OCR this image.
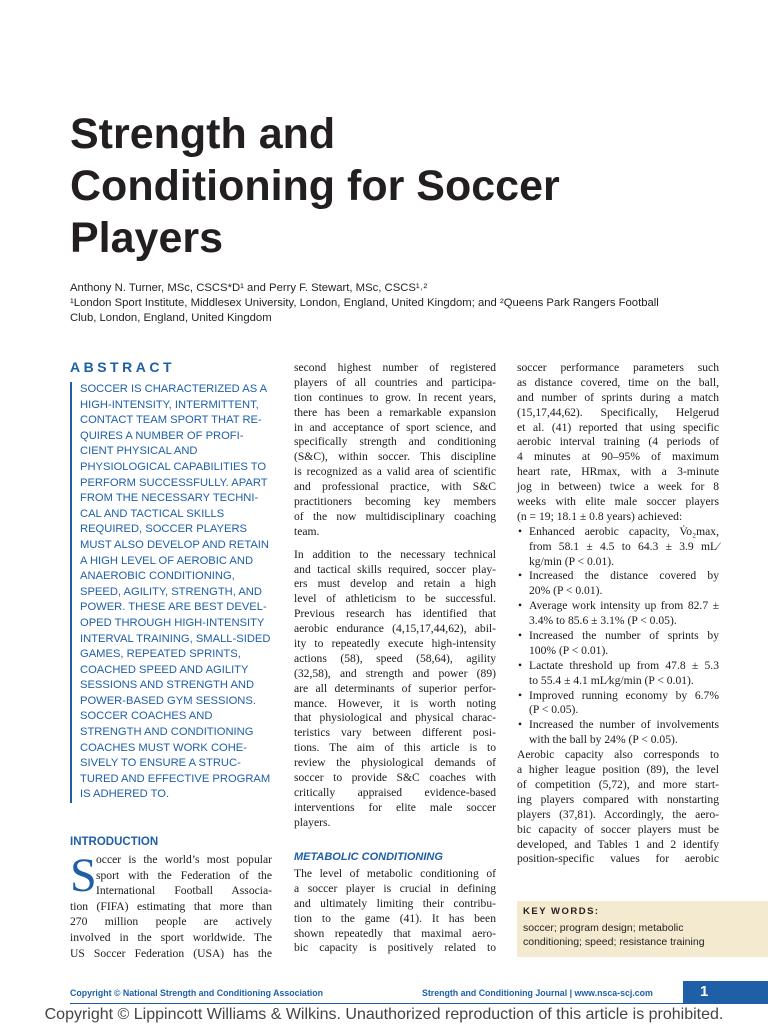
Strength and
Conditioning for Soccer
Players
Anthony N. Turner, MSc, CSCS*D¹ and Perry F. Stewart, MSc, CSCS¹˒²
¹London Sport Institute, Middlesex University, London, England, United Kingdom; and ²Queens Park Rangers Football
Club, London, England, United Kingdom
ABSTRACT
SOCCER IS CHARACTERIZED AS A
HIGH-INTENSITY, INTERMITTENT,
CONTACT TEAM SPORT THAT RE-
QUIRES A NUMBER OF PROFI-
CIENT PHYSICAL AND
PHYSIOLOGICAL CAPABILITIES TO
PERFORM SUCCESSFULLY. APART
FROM THE NECESSARY TECHNI-
CAL AND TACTICAL SKILLS
REQUIRED, SOCCER PLAYERS
MUST ALSO DEVELOP AND RETAIN
A HIGH LEVEL OF AEROBIC AND
ANAEROBIC CONDITIONING,
SPEED, AGILITY, STRENGTH, AND
POWER. THESE ARE BEST DEVEL-
OPED THROUGH HIGH-INTENSITY
INTERVAL TRAINING, SMALL-SIDED
GAMES, REPEATED SPRINTS,
COACHED SPEED AND AGILITY
SESSIONS AND STRENGTH AND
POWER-BASED GYM SESSIONS.
SOCCER COACHES AND
STRENGTH AND CONDITIONING
COACHES MUST WORK COHE-
SIVELY TO ENSURE A STRUC-
TURED AND EFFECTIVE PROGRAM
IS ADHERED TO.
INTRODUCTION
S occer is the world’s most popular
sport with the Federation of the
International Football Associa-
tion (FIFA) estimating that more than
270 million people are actively
involved in the sport worldwide. The
US Soccer Federation (USA) has the
second highest number of registered
players of all countries and participa-
tion continues to grow. In recent years,
there has been a remarkable expansion
in and acceptance of sport science, and
specifically strength and conditioning
(S&C), within soccer. This discipline
is recognized as a valid area of scientific
and professional practice, with S&C
practitioners becoming key members
of the now multidisciplinary coaching
team.
In addition to the necessary technical
and tactical skills required, soccer play-
ers must develop and retain a high
level of athleticism to be successful.
Previous research has identified that
aerobic endurance (4,15,17,44,62), abil-
ity to repeatedly execute high-intensity
actions (58), speed (58,64), agility
(32,58), and strength and power (89)
are all determinants of superior perfor-
mance. However, it is worth noting
that physiological and physical charac-
teristics vary between different posi-
tions. The aim of this article is to
review the physiological demands of
soccer to provide S&C coaches with
critically appraised evidence-based
interventions for elite male soccer
players.
METABOLIC CONDITIONING
The level of metabolic conditioning of
a soccer player is crucial in defining
and ultimately limiting their contribu-
tion to the game (41). It has been
shown repeatedly that maximal aero-
bic capacity is positively related to
soccer performance parameters such
as distance covered, time on the ball,
and number of sprints during a match
(15,17,44,62). Specifically, Helgerud
et al. (41) reported that using specific
aerobic interval training (4 periods of
4 minutes at 90–95% of maximum
heart rate, HRmax, with a 3-minute
jog in between) twice a week for 8
weeks with elite male soccer players
(n = 19; 18.1 ± 0.8 years) achieved:
• Enhanced aerobic capacity, V̇o₂max,
from 58.1 ± 4.5 to 64.3 ± 3.9 mL⁄
kg/min (P < 0.01).
• Increased the distance covered by
20% (P < 0.01).
• Average work intensity up from 82.7 ±
3.4% to 85.6 ± 3.1% (P < 0.05).
• Increased the number of sprints by
100% (P < 0.01).
• Lactate threshold up from 47.8 ± 5.3
to 55.4 ± 4.1 mL⁄kg/min (P < 0.01).
• Improved running economy by 6.7%
(P < 0.05).
• Increased the number of involvements
with the ball by 24% (P < 0.05).
Aerobic capacity also corresponds to
a higher league position (89), the level
of competition (5,72), and more start-
ing players compared with nonstarting
players (37,81). Accordingly, the aero-
bic capacity of soccer players must be
developed, and Tables 1 and 2 identify
position-specific values for aerobic
KEY WORDS:
soccer; program design; metabolic
conditioning; speed; resistance training
Copyright © National Strength and Conditioning Association	Strength and Conditioning Journal | www.nsca-scj.com	1
Copyright © Lippincott Williams & Wilkins. Unauthorized reproduction of this article is prohibited.
